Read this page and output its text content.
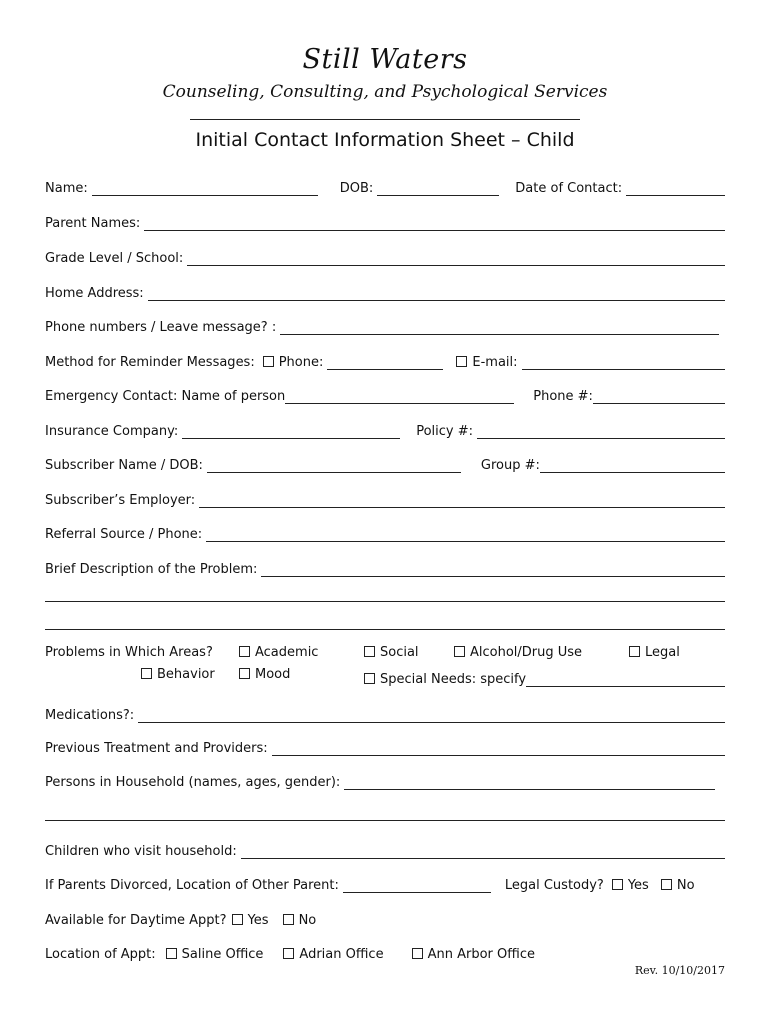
Still Waters
Counseling, Consulting, and Psychological Services
Initial Contact Information Sheet – Child
Name:	DOB:	Date of Contact:
Parent Names:
Grade Level / School:
Home Address:
Phone numbers / Leave message? :
Method for Reminder Messages: Phone:	E-mail:
Emergency Contact: Name of person	Phone #:
Insurance Company:	Policy #:
Subscriber Name / DOB:	Group #:
Subscriber’s Employer:
Referral Source / Phone:
Brief Description of the Problem:
Problems in Which Areas?	Academic	Social	Alcohol/Drug Use	Legal
Behavior	Mood	Special Needs: specify
Medications?:
Previous Treatment and Providers:
Persons in Household (names, ages, gender):
Children who visit household:
If Parents Divorced, Location of Other Parent:	Legal Custody? Yes No
Available for Daytime Appt? Yes No
Location of Appt: Saline Office	Adrian Office	Ann Arbor Office
Rev. 10/10/2017
